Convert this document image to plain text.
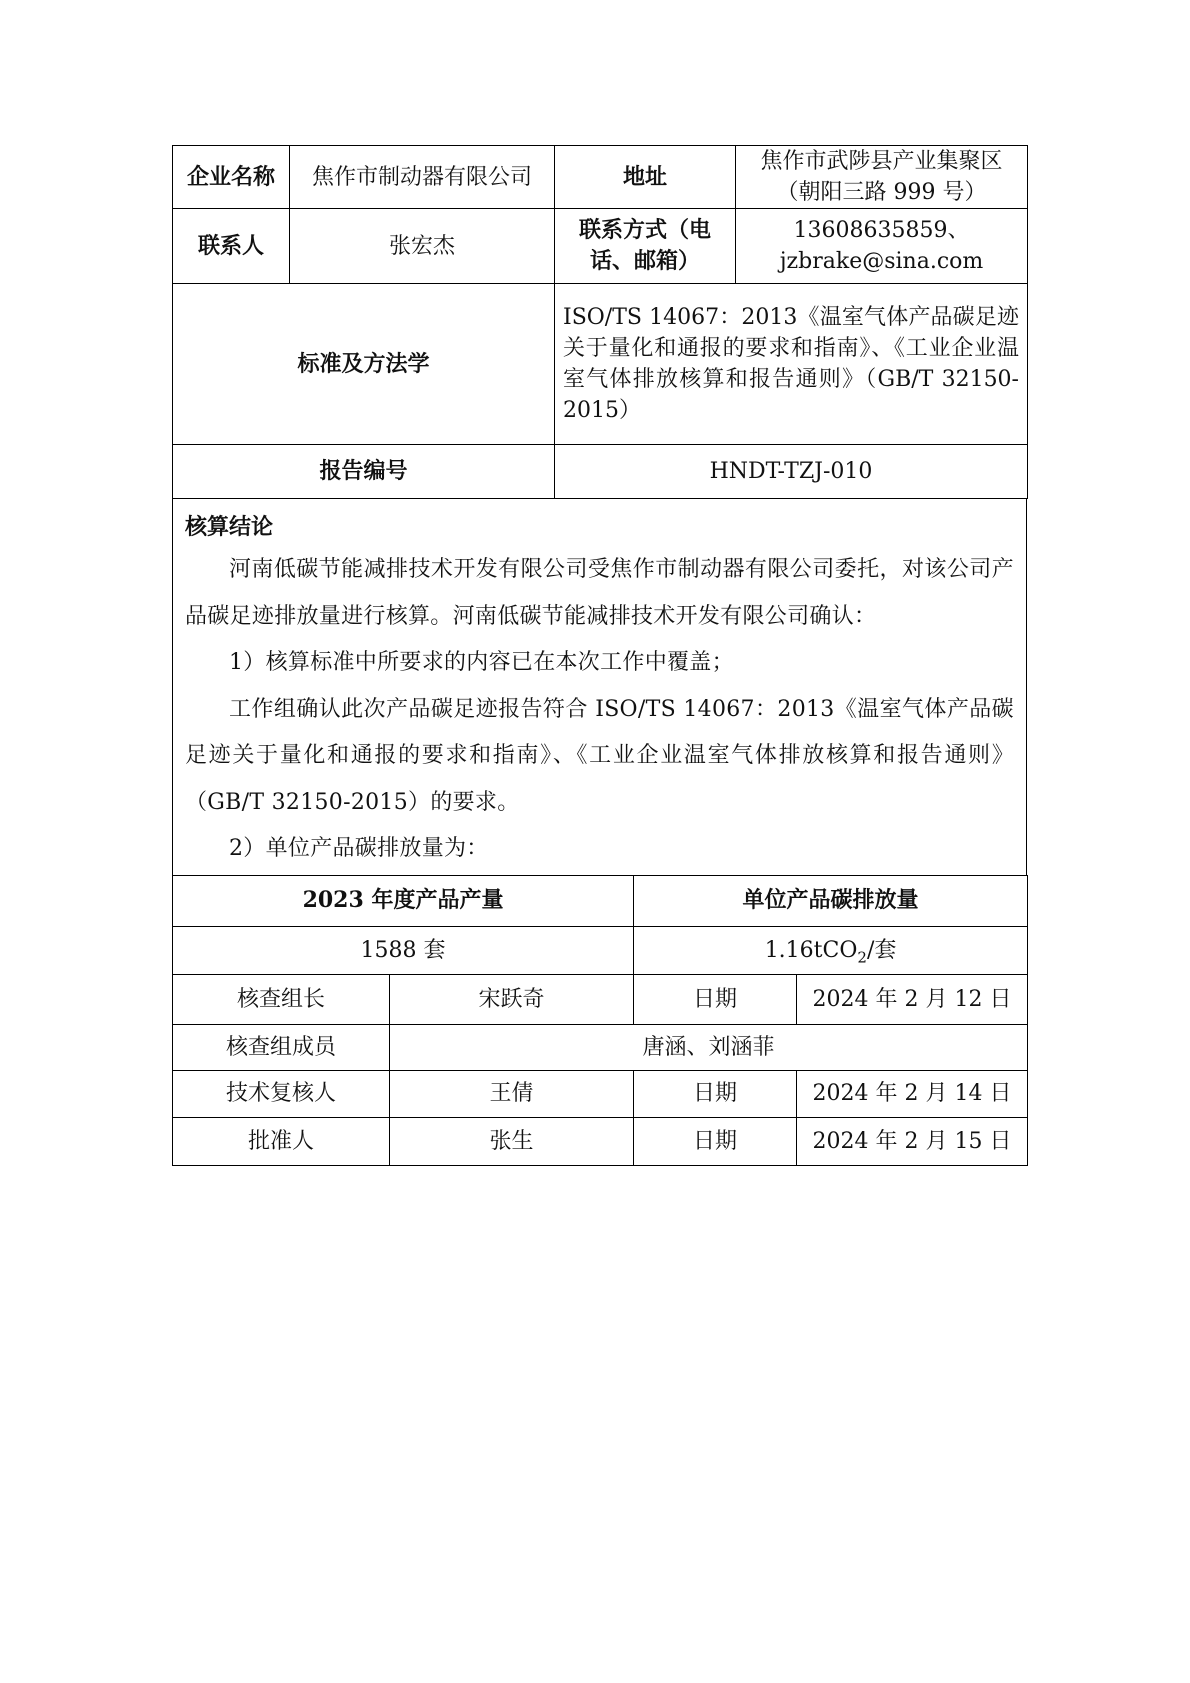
企业名称	焦作市制动器有限公司	地址	焦作市武陟县产业集聚区（朝阳三路 999 号）
联系人	张宏杰	联系方式（电话、邮箱）	13608635859、
jzbrake@sina.com

标准及方法学		ISO/TS 14067：2013《温室气体产品碳足迹关于量化和通报的要求和指南》、《工业企业温室气体排放核算和报告通则》（GB/T 32150-2015）	
报告编号		HNDT-TZJ-010	
核算结论

河南低碳节能减排技术开发有限公司受焦作市制动器有限公司委托，对该公司产品碳足迹排放量进行核算。河南低碳节能减排技术开发有限公司确认：

1）核算标准中所要求的内容已在本次工作中覆盖；

工作组确认此次产品碳足迹报告符合 ISO/TS 14067：2013《温室气体产品碳足迹关于量化和通报的要求和指南》、《工业企业温室气体排放核算和报告通则》（GB/T 32150-2015）的要求。

2）单位产品碳排放量为：

2023 年度产品产量		单位产品碳排放量	
1588 套		1.16tCO$_2$/套	
核查组长	宋跃奇	日期	2024 年 2 月 12 日
核查组成员	唐涵、刘涵菲		
技术复核人	王倩	日期	2024 年 2 月 14 日
批准人	张生	日期	2024 年 2 月 15 日
